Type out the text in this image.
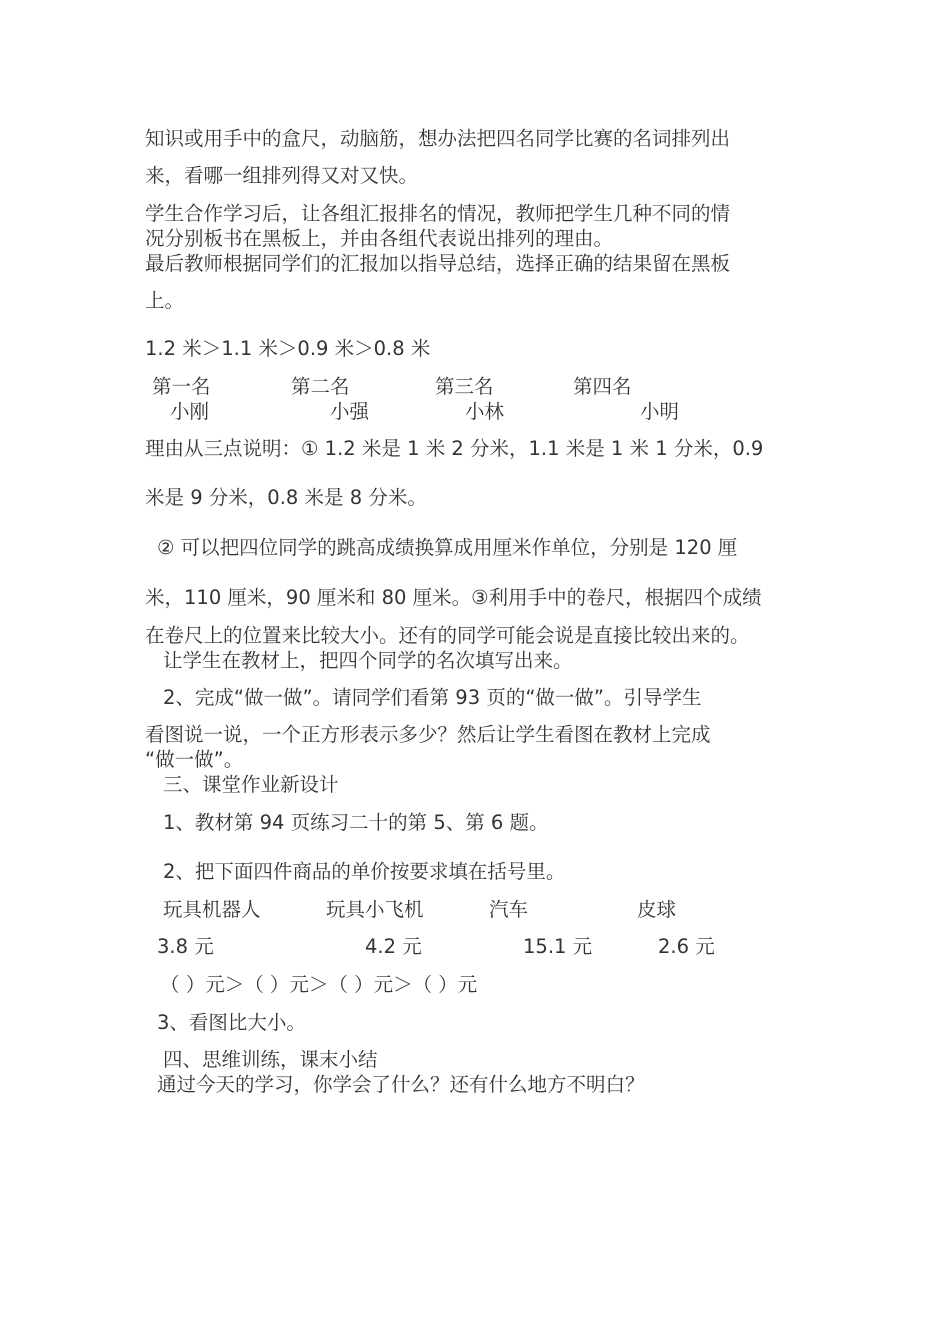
知识或用手中的盒尺，动脑筋，想办法把四名同学比赛的名词排列出
来，看哪一组排列得又对又快。
学生合作学习后，让各组汇报排名的情况，教师把学生几种不同的情
况分别板书在黑板上，并由各组代表说出排列的理由。
最后教师根据同学们的汇报加以指导总结，选择正确的结果留在黑板
上。
1.2 米＞1.1 米＞0.9 米＞0.8 米
第一名	第二名	第三名	第四名
小刚	小强	小林	小明
理由从三点说明：① 1.2 米是 1 米 2 分米，1.1 米是 1 米 1 分米，0.9
米是 9 分米，0.8 米是 8 分米。
② 可以把四位同学的跳高成绩换算成用厘米作单位，分别是 120 厘
米，110 厘米，90 厘米和 80 厘米。③利用手中的卷尺，根据四个成绩
在卷尺上的位置来比较大小。还有的同学可能会说是直接比较出来的。
让学生在教材上，把四个同学的名次填写出来。
2、完成“做一做”。请同学们看第 93 页的“做一做”。引导学生
看图说一说，一个正方形表示多少？然后让学生看图在教材上完成
“做一做”。
三、课堂作业新设计
1、教材第 94 页练习二十的第 5、第 6 题。
2、把下面四件商品的单价按要求填在括号里。
玩具机器人	玩具小飞机	汽车	皮球
3.8 元	4.2 元	15.1 元	2.6 元
（ ）元＞（ ）元＞（ ）元＞（ ）元
3、看图比大小。
四、思维训练，课末小结
通过今天的学习，你学会了什么？还有什么地方不明白？
